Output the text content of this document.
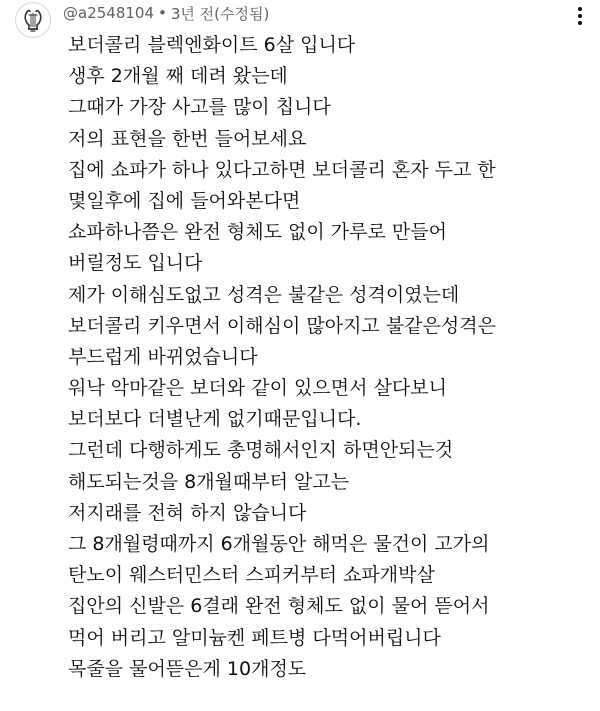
@a2548104 • 3년 전(수정됨)
보더콜리 블렉엔화이트 6살 입니다
생후 2개월 째 데려 왔는데
그때가 가장 사고를 많이 칩니다
저의 표현을 한번 들어보세요
집에 쇼파가 하나 있다고하면 보더콜리 혼자 두고 한
몇일후에 집에 들어와본다면
쇼파하나쯤은 완전 형체도 없이 가루로 만들어
버릴정도 입니다
제가 이해심도없고 성격은 불같은 성격이였는데
보더콜리 키우면서 이해심이 많아지고 불같은성격은
부드럽게 바뀌었습니다
워낙 악마같은 보더와 같이 있으면서 살다보니
보더보다 더별난게 없기때문입니다.
그런데 다행하게도 총명해서인지 하면안되는것
해도되는것을 8개월때부터 알고는
저지래를 전혀 하지 않습니다
그 8개월령때까지 6개월동안 해먹은 물건이 고가의
탄노이 웨스터민스터 스피커부터 쇼파개박살
집안의 신발은 6결래 완전 형체도 없이 물어 뜯어서
먹어 버리고 알미늄켄 페트병 다먹어버립니다
목줄을 물어뜯은게 10개정도
